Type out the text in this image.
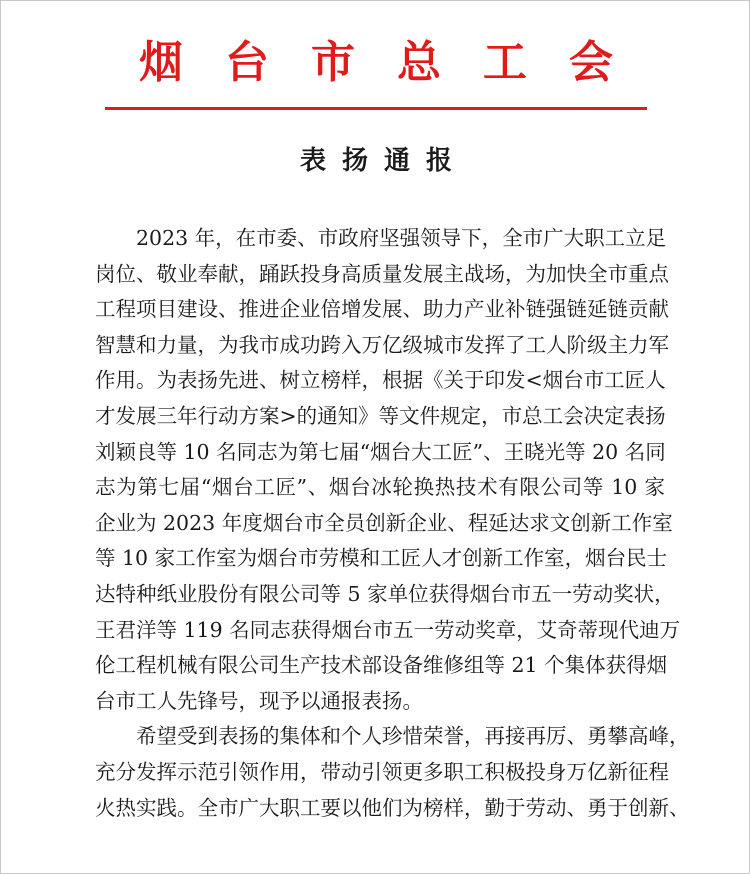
烟台市总工会
表扬通报
2023 年，在市委、市政府坚强领导下，全市广大职工立足
岗位、敬业奉献，踊跃投身高质量发展主战场，为加快全市重点
工程项目建设、推进企业倍增发展、助力产业补链强链延链贡献
智慧和力量，为我市成功跨入万亿级城市发挥了工人阶级主力军
作用。为表扬先进、树立榜样，根据《关于印发<烟台市工匠人
才发展三年行动方案>的通知》等文件规定，市总工会决定表扬
刘颖良等 10 名同志为第七届“烟台大工匠”、王晓光等 20 名同
志为第七届“烟台工匠”、烟台冰轮换热技术有限公司等 10 家
企业为 2023 年度烟台市全员创新企业、程延达求文创新工作室
等 10 家工作室为烟台市劳模和工匠人才创新工作室，烟台民士
达特种纸业股份有限公司等 5 家单位获得烟台市五一劳动奖状，
王君洋等 119 名同志获得烟台市五一劳动奖章，艾奇蒂现代迪万
伦工程机械有限公司生产技术部设备维修组等 21 个集体获得烟
台市工人先锋号，现予以通报表扬。
希望受到表扬的集体和个人珍惜荣誉，再接再厉、勇攀高峰，
充分发挥示范引领作用，带动引领更多职工积极投身万亿新征程
火热实践。全市广大职工要以他们为榜样，勤于劳动、勇于创新、
